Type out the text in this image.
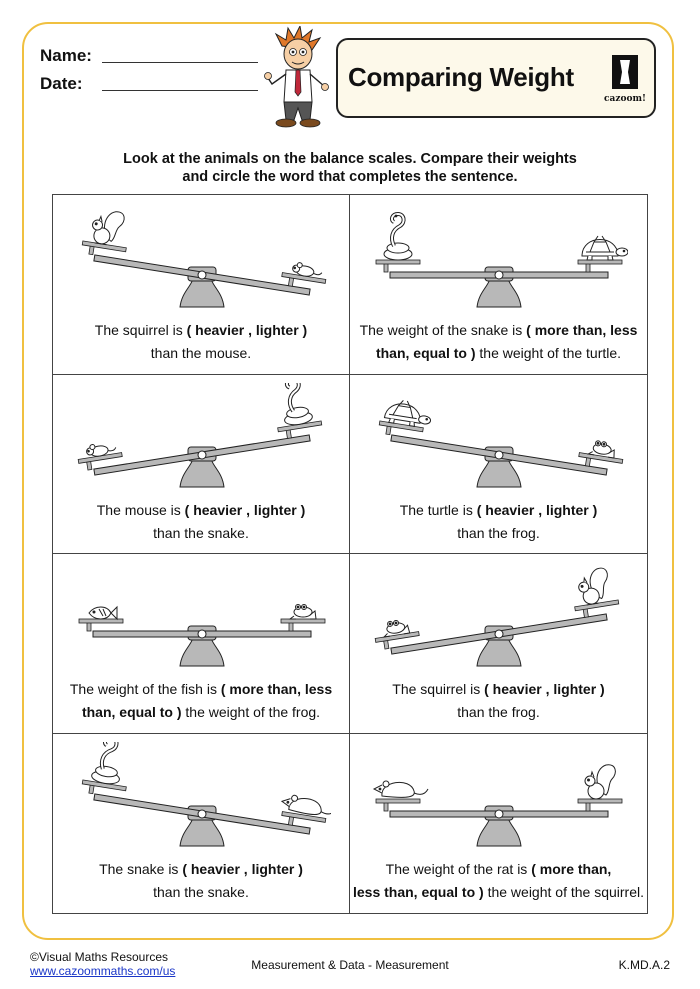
Name:
Date:	Comparing Weight
cazoom!
Look at the animals on the balance scales. Compare their weights
and circle the word that completes the sentence.
The squirrel is ( heavier , lighter )
than the mouse.
The weight of the snake is ( more than, less
than, equal to ) the weight of the turtle.
The mouse is ( heavier , lighter )
than the snake.
The turtle is ( heavier , lighter )
than the frog.
The weight of the fish is ( more than, less
than, equal to ) the weight of the frog.
The squirrel is ( heavier , lighter )
than the frog.
The snake is ( heavier , lighter )
than the snake.
The weight of the rat is ( more than,
less than, equal to ) the weight of the squirrel.
©Visual Maths Resources
www.cazoommaths.com/us	Measurement & Data - Measurement	K.MD.A.2
